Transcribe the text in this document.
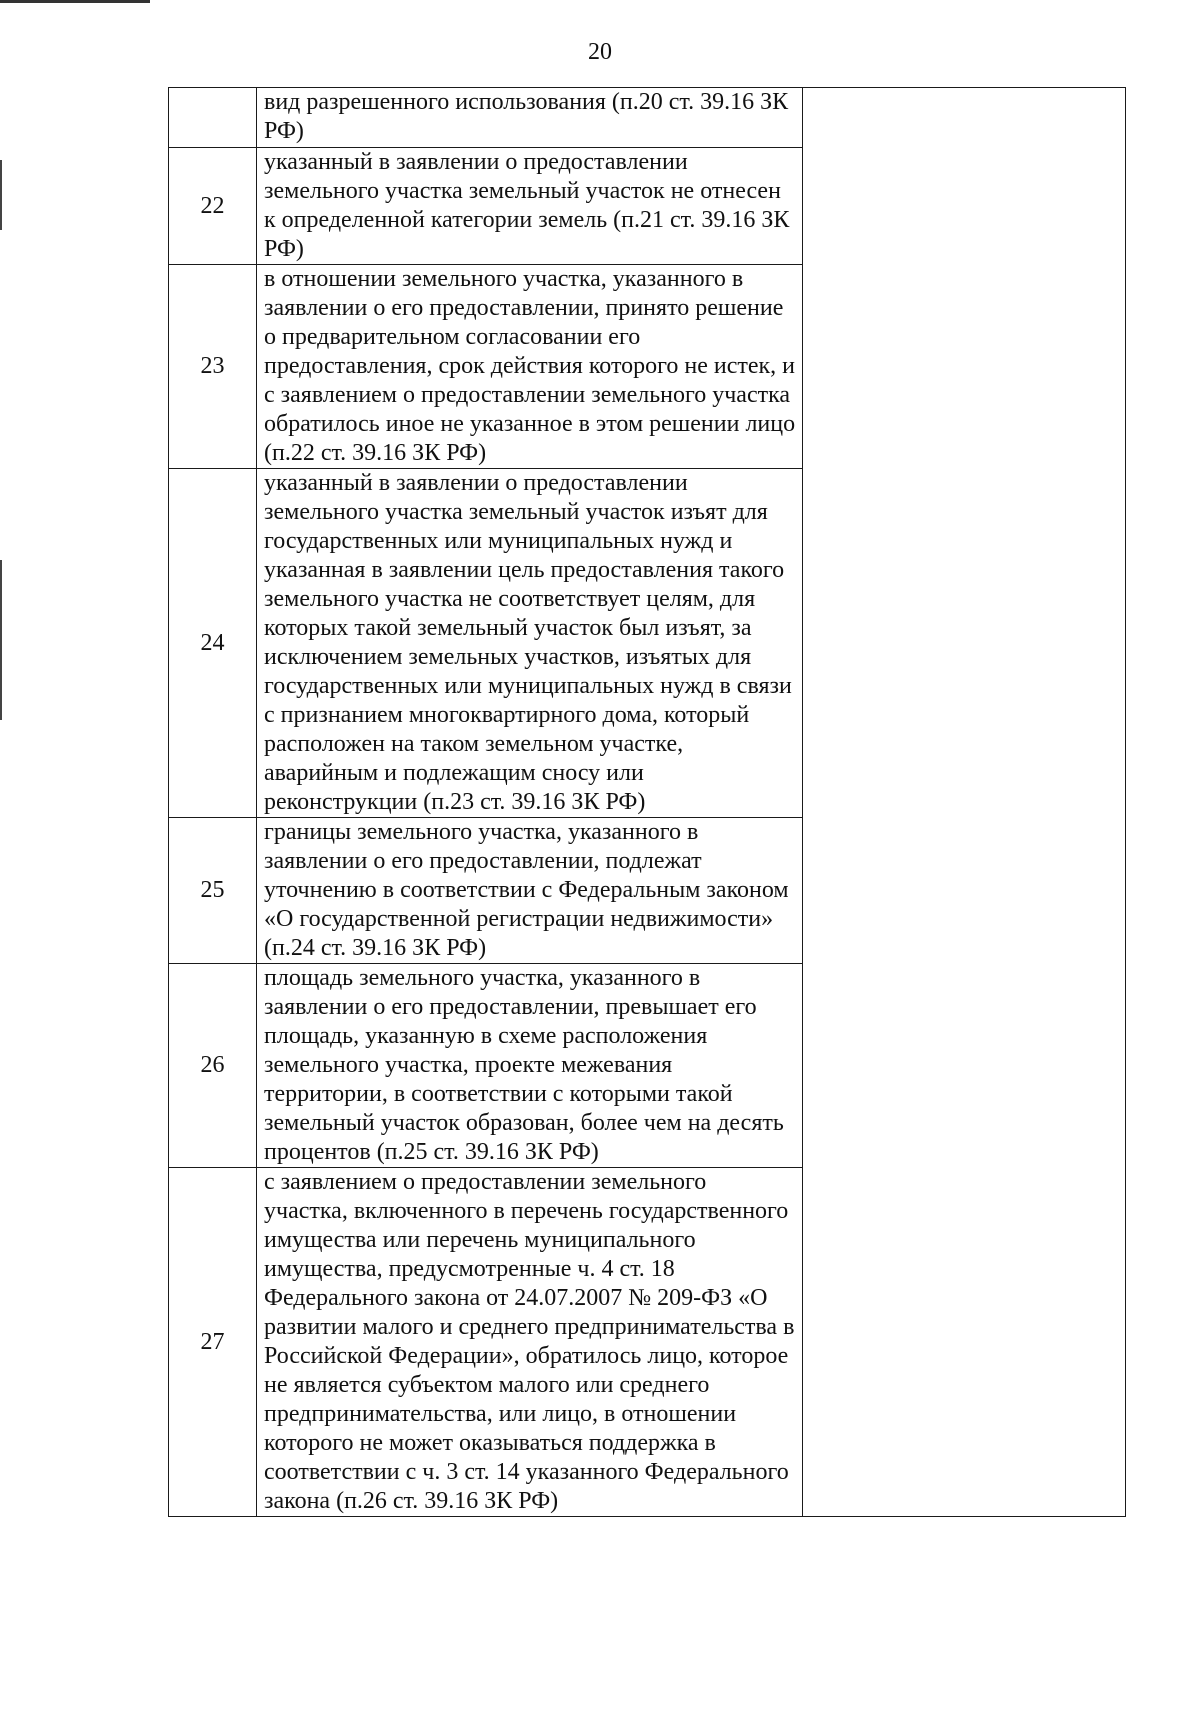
20
	вид разрешенного использования (п.20 ст. 39.16 ЗК РФ)	
22	указанный в заявлении о предоставлении земельного участка земельный участок не отнесен к определенной категории земель (п.21 ст. 39.16 ЗК РФ)	
23	в отношении земельного участка, указанного в заявлении о его предоставлении, принято решение о предварительном согласовании его предоставления, срок действия которого не истек, и с заявлением о предоставлении земельного участка обратилось иное не указанное в этом решении лицо (п.22 ст. 39.16 ЗК РФ)	
24	указанный в заявлении о предоставлении земельного участка земельный участок изъят для государственных или муниципальных нужд и указанная в заявлении цель предоставления такого земельного участка не соответствует целям, для которых такой земельный участок был изъят, за исключением земельных участков, изъятых для государственных или муниципальных нужд в связи с признанием многоквартирного дома, который расположен на таком земельном участке, аварийным и подлежащим сносу или реконструкции (п.23 ст. 39.16 ЗК РФ)	
25	границы земельного участка, указанного в заявлении о его предоставлении, подлежат уточнению в соответствии с Федеральным законом «О государственной регистрации недвижимости» (п.24 ст. 39.16 ЗК РФ)	
26	площадь земельного участка, указанного в заявлении о его предоставлении, превышает его площадь, указанную в схеме расположения земельного участка, проекте межевания территории, в соответствии с которыми такой земельный участок образован, более чем на десять процентов (п.25 ст. 39.16 ЗК РФ)	
27	с заявлением о предоставлении земельного участка, включенного в перечень государственного имущества или перечень муниципального имущества, предусмотренные ч. 4 ст. 18 Федерального закона от 24.07.2007 № 209-ФЗ «О развитии малого и среднего предпринимательства в Российской Федерации», обратилось лицо, которое не является субъектом малого или среднего предпринимательства, или лицо, в отношении которого не может оказываться поддержка в соответствии с ч. 3 ст. 14 указанного Федерального закона (п.26 ст. 39.16 ЗК РФ)	
